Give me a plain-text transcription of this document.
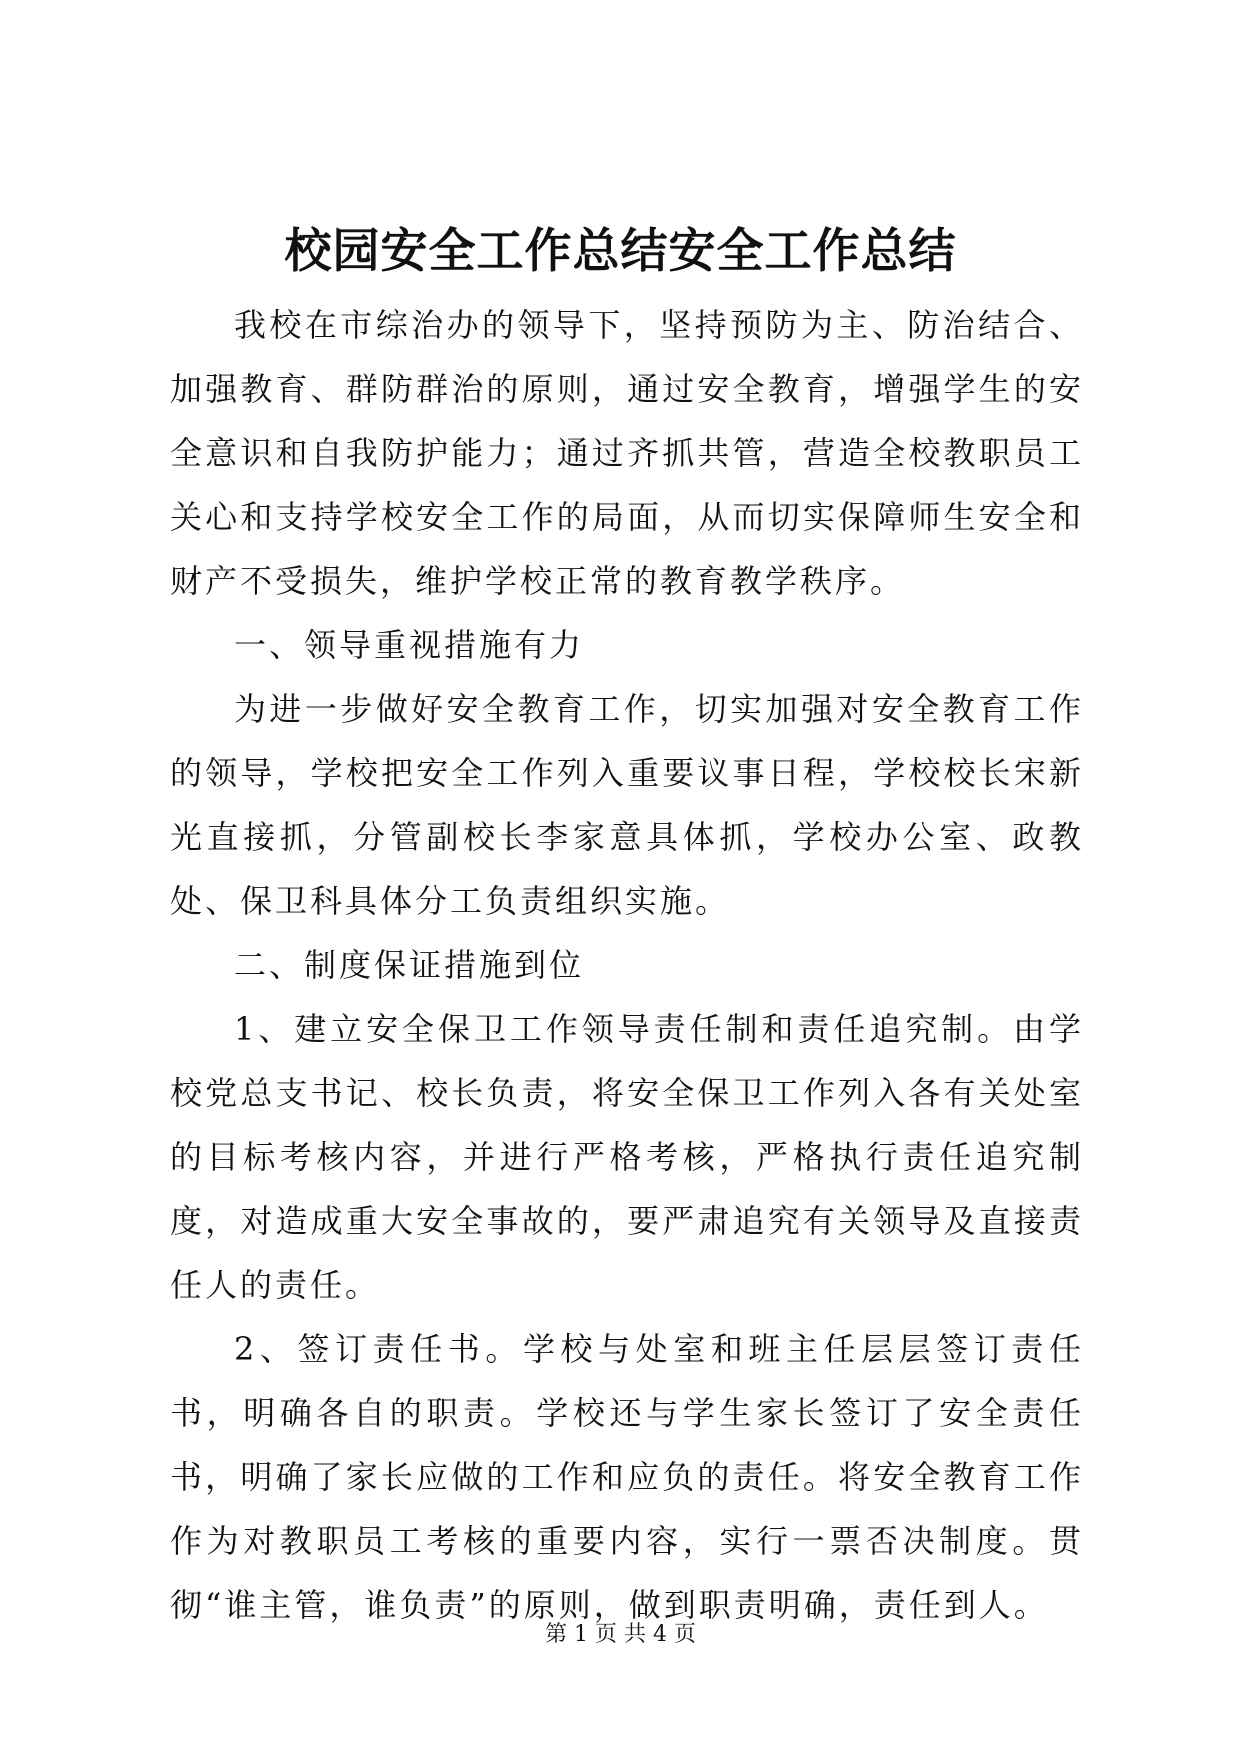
校园安全工作总结安全工作总结

我校在市综治办的领导下，坚持预防为主、防治结合、加强教育、群防群治的原则，通过安全教育，增强学生的安全意识和自我防护能力；通过齐抓共管，营造全校教职员工关心和支持学校安全工作的局面，从而切实保障师生安全和财产不受损失，维护学校正常的教育教学秩序。

一、领导重视措施有力

为进一步做好安全教育工作，切实加强对安全教育工作的领导，学校把安全工作列入重要议事日程，学校校长宋新光直接抓，分管副校长李家意具体抓，学校办公室、政教处、保卫科具体分工负责组织实施。

二、制度保证措施到位

1、建立安全保卫工作领导责任制和责任追究制。由学校党总支书记、校长负责，将安全保卫工作列入各有关处室的目标考核内容，并进行严格考核，严格执行责任追究制度，对造成重大安全事故的，要严肃追究有关领导及直接责任人的责任。

2、签订责任书。学校与处室和班主任层层签订责任书，明确各自的职责。学校还与学生家长签订了安全责任书，明确了家长应做的工作和应负的责任。将安全教育工作作为对教职员工考核的重要内容，实行一票否决制度。贯彻“谁主管，谁负责”的原则，做到职责明确，责任到人。

第 1 页 共 4 页
